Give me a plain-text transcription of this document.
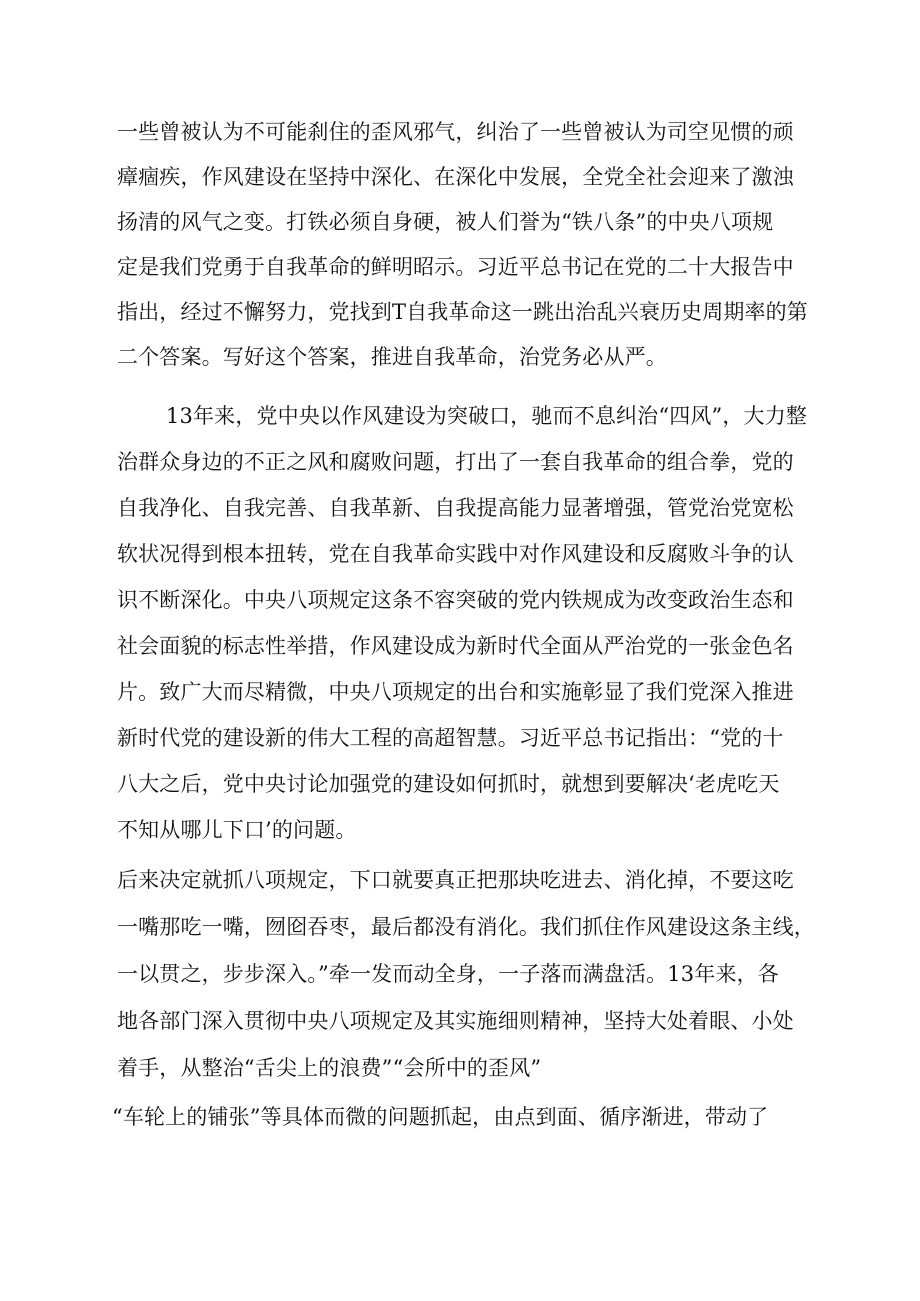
一些曾被认为不可能刹住的歪风邪气，纠治了一些曾被认为司空见惯的顽
瘴痼疾，作风建设在坚持中深化、在深化中发展，全党全社会迎来了激浊
扬清的风气之变。打铁必须自身硬，被人们誉为“铁八条”的中央八项规
定是我们党勇于自我革命的鲜明昭示。习近平总书记在党的二十大报告中
指出，经过不懈努力，党找到T自我革命这一跳出治乱兴衰历史周期率的第
二个答案。写好这个答案，推进自我革命，治党务必从严。
13年来，党中央以作风建设为突破口，驰而不息纠治“四风”，大力整
治群众身边的不正之风和腐败问题，打出了一套自我革命的组合拳，党的
自我净化、自我完善、自我革新、自我提高能力显著增强，管党治党宽松
软状况得到根本扭转，党在自我革命实践中对作风建设和反腐败斗争的认
识不断深化。中央八项规定这条不容突破的党内铁规成为改变政治生态和
社会面貌的标志性举措，作风建设成为新时代全面从严治党的一张金色名
片。致广大而尽精微，中央八项规定的出台和实施彰显了我们党深入推进
新时代党的建设新的伟大工程的高超智慧。习近平总书记指出：“党的十
八大之后，党中央讨论加强党的建设如何抓时，就想到要解决‘老虎吃天
不知从哪儿下口’的问题。
后来决定就抓八项规定，下口就要真正把那块吃进去、消化掉，不要这吃
一嘴那吃一嘴，囫囵吞枣，最后都没有消化。我们抓住作风建设这条主线，
一以贯之，步步深入。”牵一发而动全身，一子落而满盘活。13年来，各
地各部门深入贯彻中央八项规定及其实施细则精神，坚持大处着眼、小处
着手，从整治“舌尖上的浪费”“会所中的歪风”
“车轮上的铺张”等具体而微的问题抓起，由点到面、循序渐进，带动了
